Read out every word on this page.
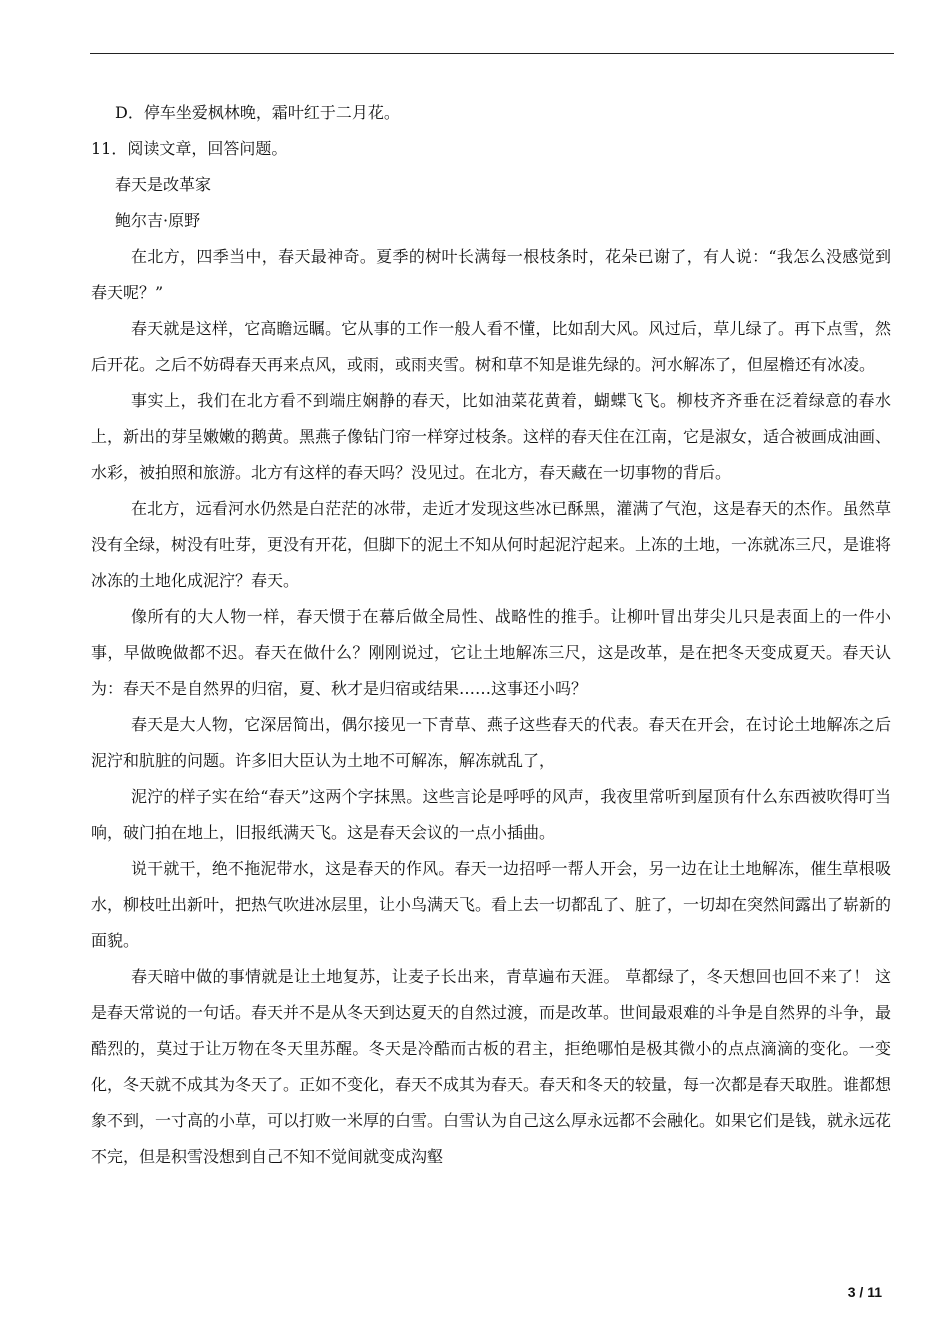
D．停车坐爱枫林晚，霜叶红于二月花。

11．阅读文章，回答问题。

春天是改革家

鲍尔吉·原野

在北方，四季当中，春天最神奇。夏季的树叶长满每一根枝条时，花朵已谢了，有人说：“我怎么没感觉到春天呢？”

春天就是这样，它高瞻远瞩。它从事的工作一般人看不懂，比如刮大风。风过后，草儿绿了。再下点雪，然后开花。之后不妨碍春天再来点风，或雨，或雨夹雪。树和草不知是谁先绿的。河水解冻了，但屋檐还有冰凌。

事实上，我们在北方看不到端庄娴静的春天，比如油菜花黄着，蝴蝶飞飞。柳枝齐齐垂在泛着绿意的春水上，新出的芽呈嫩嫩的鹅黄。黑燕子像钻门帘一样穿过枝条。这样的春天住在江南，它是淑女，适合被画成油画、水彩，被拍照和旅游。北方有这样的春天吗？没见过。在北方，春天藏在一切事物的背后。

在北方，远看河水仍然是白茫茫的冰带，走近才发现这些冰已酥黑，灌满了气泡，这是春天的杰作。虽然草没有全绿，树没有吐芽，更没有开花，但脚下的泥土不知从何时起泥泞起来。上冻的土地，一冻就冻三尺，是谁将冰冻的土地化成泥泞？春天。

像所有的大人物一样，春天惯于在幕后做全局性、战略性的推手。让柳叶冒出芽尖儿只是表面上的一件小事，早做晚做都不迟。春天在做什么？刚刚说过，它让土地解冻三尺，这是改革，是在把冬天变成夏天。春天认为：春天不是自然界的归宿，夏、秋才是归宿或结果……这事还小吗？

春天是大人物，它深居简出，偶尔接见一下青草、燕子这些春天的代表。春天在开会，在讨论土地解冻之后泥泞和肮脏的问题。许多旧大臣认为土地不可解冻，解冻就乱了，

泥泞的样子实在给“春天”这两个字抹黑。这些言论是呼呼的风声，我夜里常听到屋顶有什么东西被吹得叮当响，破门拍在地上，旧报纸满天飞。这是春天会议的一点小插曲。

说干就干，绝不拖泥带水，这是春天的作风。春天一边招呼一帮人开会，另一边在让土地解冻，催生草根吸水，柳枝吐出新叶，把热气吹进冰层里，让小鸟满天飞。看上去一切都乱了、脏了，一切却在突然间露出了崭新的面貌。

春天暗中做的事情就是让土地复苏，让麦子长出来，青草遍布天涯。 草都绿了，冬天想回也回不来了！ 这是春天常说的一句话。春天并不是从冬天到达夏天的自然过渡，而是改革。世间最艰难的斗争是自然界的斗争，最酷烈的，莫过于让万物在冬天里苏醒。冬天是冷酷而古板的君主，拒绝哪怕是极其微小的点点滴滴的变化。一变化，冬天就不成其为冬天了。正如不变化，春天不成其为春天。春天和冬天的较量，每一次都是春天取胜。谁都想象不到，一寸高的小草，可以打败一米厚的白雪。白雪认为自己这么厚永远都不会融化。如果它们是钱，就永远花不完，但是积雪没想到自己不知不觉间就变成沟壑

3 / 11
